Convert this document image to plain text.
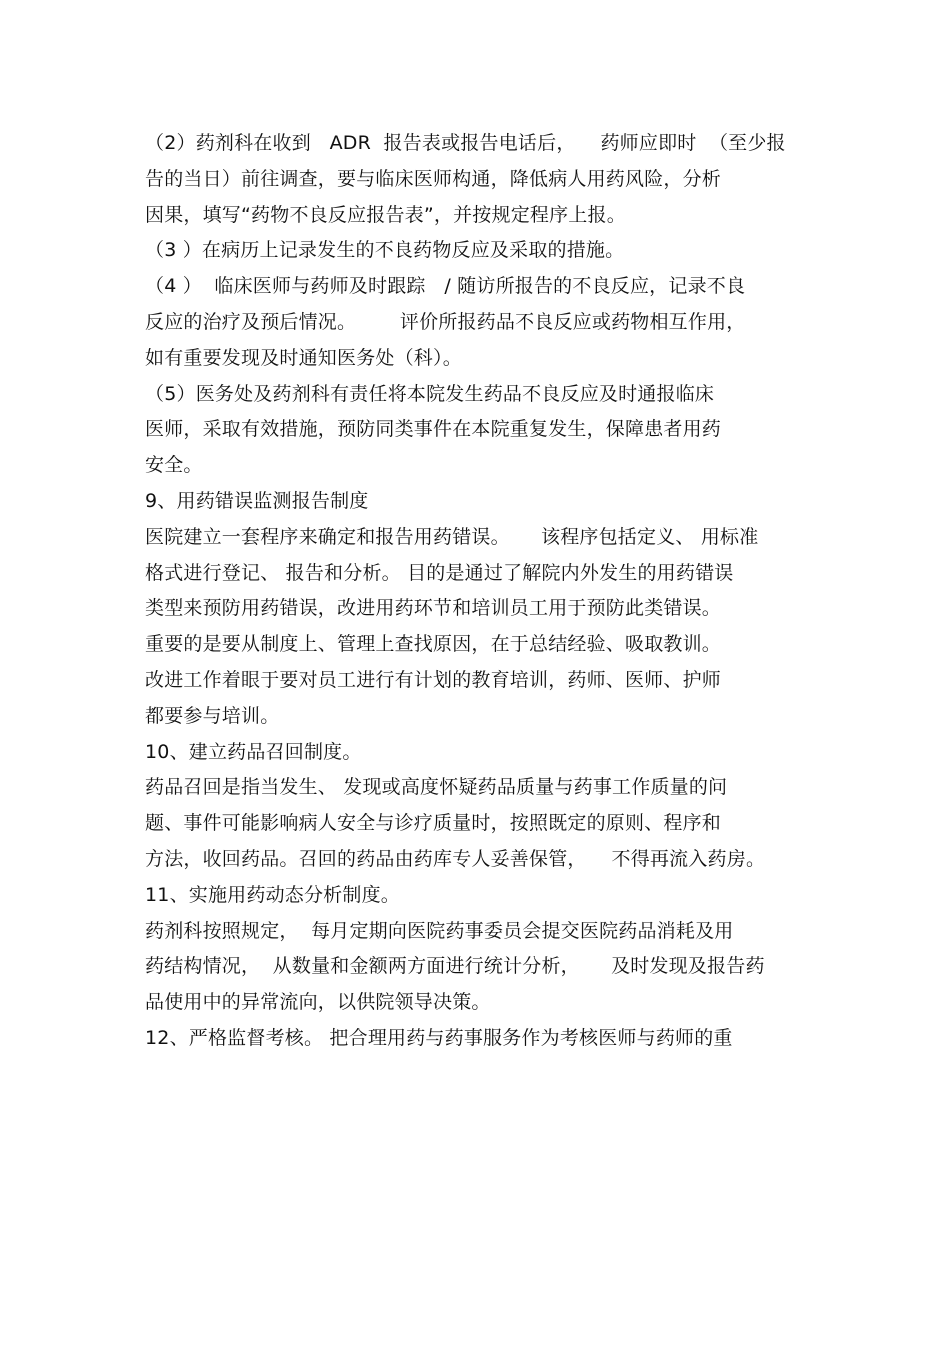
（2）药剂科在收到   ADR  报告表或报告电话后，    药师应即时  （至少报
告的当日）前往调查，要与临床医师构通，降低病人用药风险，分析
因果，填写“药物不良反应报告表”，并按规定程序上报。
（3 ）在病历上记录发生的不良药物反应及采取的措施。
（4 ）  临床医师与药师及时跟踪   / 随访所报告的不良反应，记录不良
反应的治疗及预后情况。       评价所报药品不良反应或药物相互作用，
如有重要发现及时通知医务处（科）。
（5）医务处及药剂科有责任将本院发生药品不良反应及时通报临床
医师，采取有效措施，预防同类事件在本院重复发生，保障患者用药
安全。
9、用药错误监测报告制度
医院建立一套程序来确定和报告用药错误。     该程序包括定义、 用标准
格式进行登记、 报告和分析。 目的是通过了解院内外发生的用药错误
类型来预防用药错误，改进用药环节和培训员工用于预防此类错误。
重要的是要从制度上、管理上查找原因，在于总结经验、吸取教训。
改进工作着眼于要对员工进行有计划的教育培训，药师、医师、护师
都要参与培训。
10、建立药品召回制度。
药品召回是指当发生、 发现或高度怀疑药品质量与药事工作质量的问
题、事件可能影响病人安全与诊疗质量时，按照既定的原则、程序和
方法，收回药品。召回的药品由药库专人妥善保管，    不得再流入药房。
11、实施用药动态分析制度。
药剂科按照规定，  每月定期向医院药事委员会提交医院药品消耗及用
药结构情况，  从数量和金额两方面进行统计分析，     及时发现及报告药
品使用中的异常流向，以供院领导决策。
12、严格监督考核。 把合理用药与药事服务作为考核医师与药师的重
